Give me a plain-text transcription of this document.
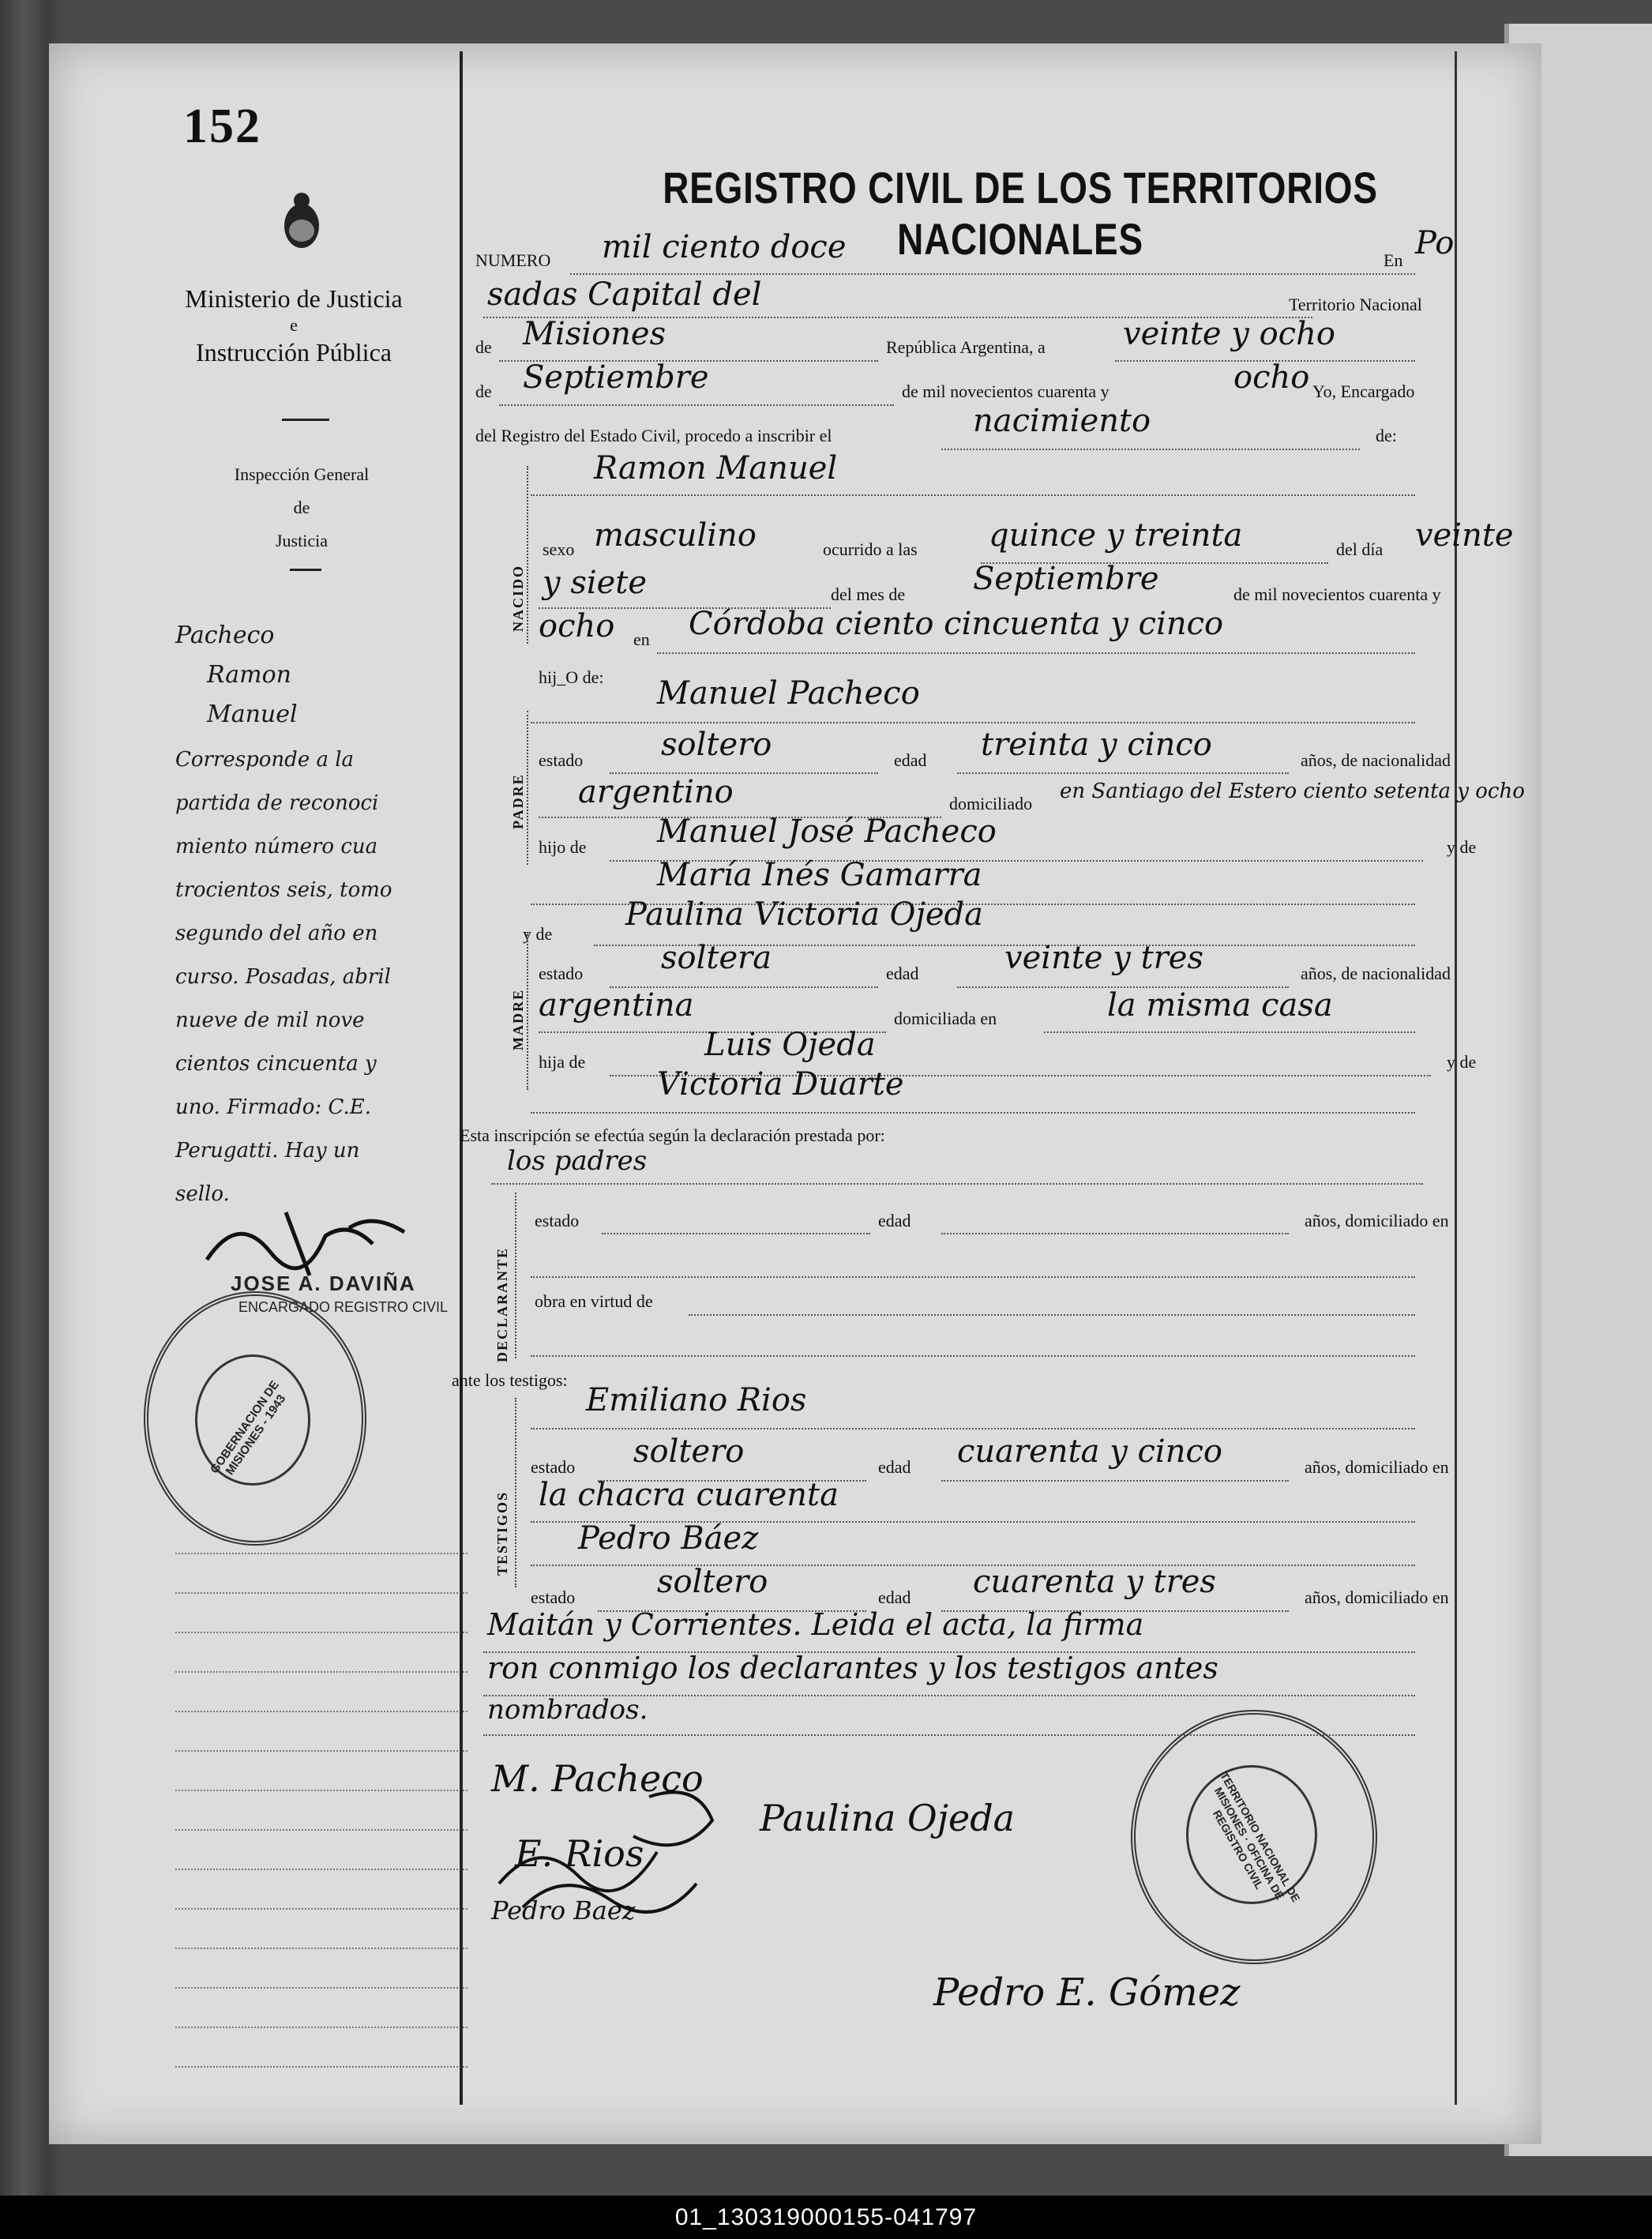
152
Ministerio de Justicia
e
Instrucción Pública
Inspección General
de
Justicia
Pacheco
Ramon
Manuel
Corresponde a la
partida de reconoci
miento número cua
trocientos seis, tomo
segundo del año en
curso. Posadas, abril
nueve de mil nove
cientos cincuenta y
uno. Firmado: C.E.
Perugatti. Hay un
sello.
JOSE A. DAVIÑA
ENCARGADO REGISTRO CIVIL
GOBERNACION DE MISIONES - 1943
REGISTRO CIVIL DE LOS TERRITORIOS NACIONALES
NUMERO mil ciento doce	En Po
sadas Capital del	Territorio Nacional
de Misiones	República Argentina, a veinte y ocho
de Septiembre	de mil novecientos cuarenta y	ocho Yo, Encargado
del Registro del Estado Civil, procedo a inscribir el	nacimiento	de:
NACIDO
Ramon Manuel
sexo masculino	ocurrido a las quince y treinta	del día veinte
y siete	del mes de Septiembre	de mil novecientos cuarenta y
ocho en Córdoba ciento cincuenta y cinco
hij_O de:
PADRE
Manuel Pacheco
estado soltero	edad treinta y cinco	años, de nacionalidad
argentino	domiciliado
en Santiago del Estero ciento setenta y ocho
hijo de Manuel José Pacheco	y de
María Inés Gamarra
y de
Paulina Victoria Ojeda
MADRE
estado soltera	edad	veinte y tres	años, de nacionalidad
argentina	domiciliada en	la misma casa
hija de	Luis Ojeda	y de
Victoria Duarte
Esta inscripción se efectúa según la declaración prestada por:
los padres
DECLARANTE
estado	edad	años, domiciliado en
obra en virtud de
ante los testigos:
TESTIGOS
Emiliano Rios
estado soltero	edad cuarenta y cinco	años, domiciliado en
la chacra cuarenta
Pedro Báez
estado	soltero	edad cuarenta y tres	años, domiciliado en
Maitán y Corrientes. Leida el acta, la firma
ron conmigo los declarantes y los testigos antes
nombrados.
M. Pacheco
Paulina Ojeda
E. Rios
Pedro Baez
Pedro E. Gómez
TERRITORIO NACIONAL DE MISIONES · OFICINA DE REGISTRO CIVIL
01_130319000155-041797
